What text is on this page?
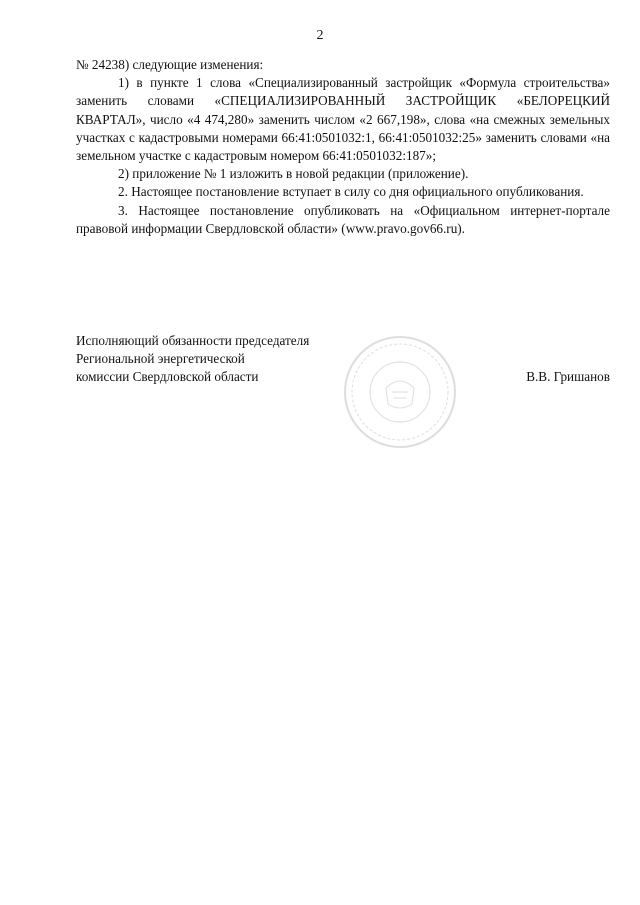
2

№ 24238) следующие изменения:

1) в пункте 1 слова «Специализированный застройщик «Формула строительства» заменить словами «СПЕЦИАЛИЗИРОВАННЫЙ ЗАСТРОЙЩИК «БЕЛОРЕЦКИЙ КВАРТАЛ», число «4 474,280» заменить числом «2 667,198», слова «на смежных земельных участках с кадастровыми номерами 66:41:0501032:1, 66:41:0501032:25» заменить словами «на земельном участке с кадастровым номером 66:41:0501032:187»;

2) приложение № 1 изложить в новой редакции (приложение).

2. Настоящее постановление вступает в силу со дня официального опубликования.

3. Настоящее постановление опубликовать на «Официальном интернет-портале правовой информации Свердловской области» (www.pravo.gov66.ru).

Исполняющий обязанности председателя
Региональной энергетической
комиссии Свердловской области	В.В. Гришанов
